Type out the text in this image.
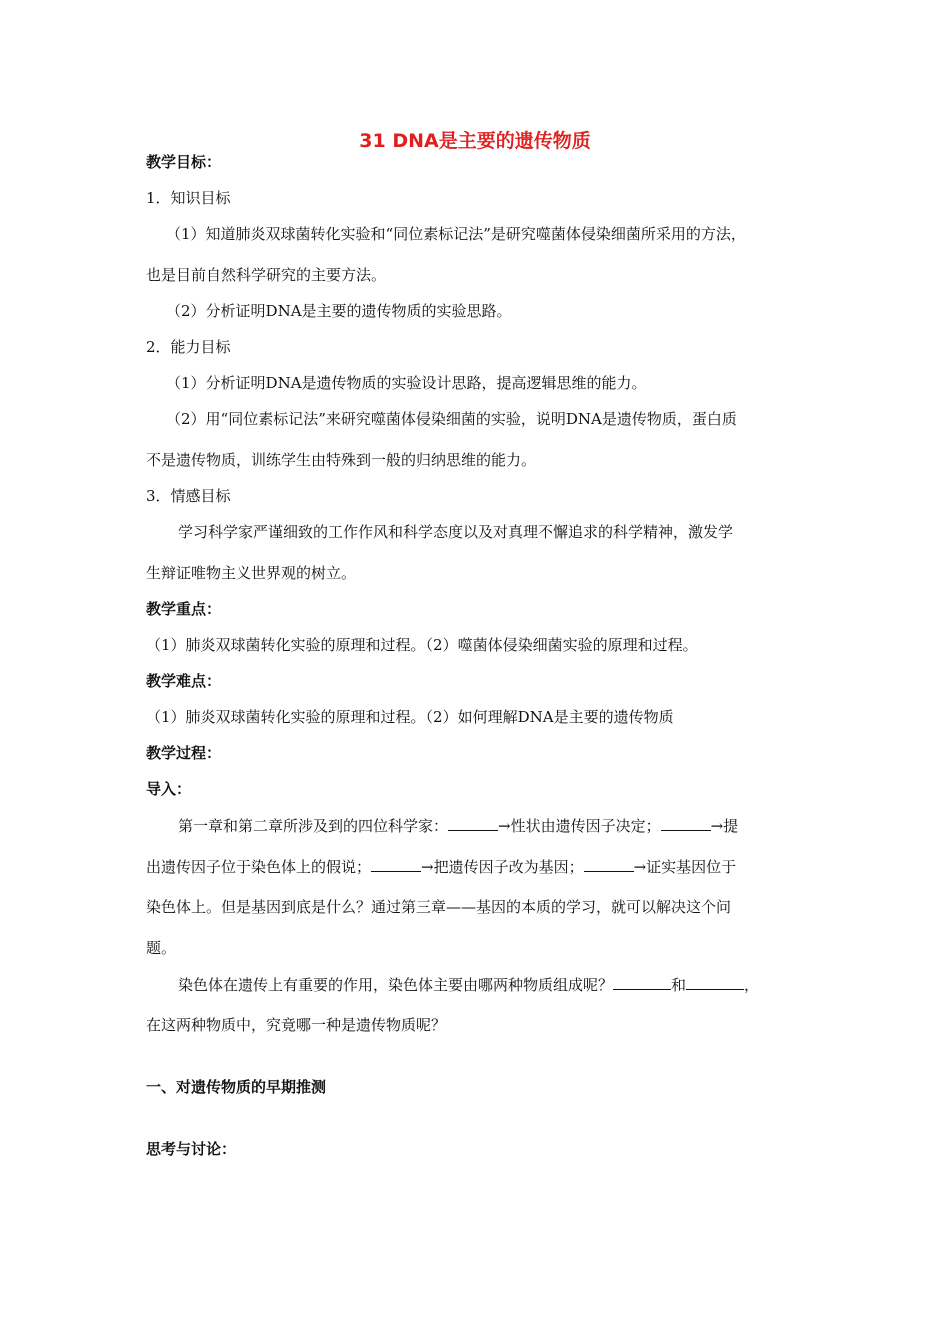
31 DNA是主要的遗传物质
教学目标：
1．知识目标
（1）知道肺炎双球菌转化实验和“同位素标记法”是研究噬菌体侵染细菌所采用的方法，
也是目前自然科学研究的主要方法。
（2）分析证明DNA是主要的遗传物质的实验思路。
2．能力目标
（1）分析证明DNA是遗传物质的实验设计思路，提高逻辑思维的能力。
（2）用“同位素标记法”来研究噬菌体侵染细菌的实验，说明DNA是遗传物质，蛋白质
不是遗传物质，训练学生由特殊到一般的归纳思维的能力。
3．情感目标
学习科学家严谨细致的工作作风和科学态度以及对真理不懈追求的科学精神，激发学
生辩证唯物主义世界观的树立。
教学重点：
（1）肺炎双球菌转化实验的原理和过程。（2）噬菌体侵染细菌实验的原理和过程。
教学难点：
（1）肺炎双球菌转化实验的原理和过程。（2）如何理解DNA是主要的遗传物质
教学过程：
导入：
第一章和第二章所涉及到的四位科学家：	→性状由遗传因子决定；	→提
出遗传因子位于染色体上的假说；	→把遗传因子改为基因；	→证实基因位于
染色体上。但是基因到底是什么？通过第三章——基因的本质的学习，就可以解决这个问
题。
染色体在遗传上有重要的作用，染色体主要由哪两种物质组成呢？	和	，
在这两种物质中，究竟哪一种是遗传物质呢？
一、对遗传物质的早期推测
思考与讨论：
